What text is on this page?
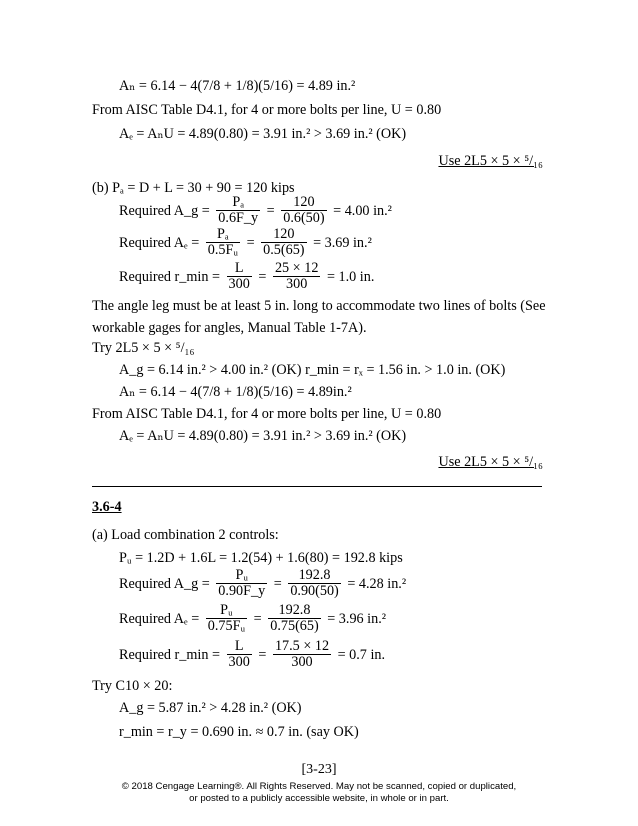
Aₙ = 6.14 − 4(7/8 + 1/8)(5/16) = 4.89 in.²
From AISC Table D4.1, for 4 or more bolts per line, U = 0.80
Aₑ = AₙU = 4.89(0.80) = 3.91 in.² > 3.69 in.² (OK)
Use 2L5 × 5 × ⁵/₁₆
(b) Pₐ = D + L = 30 + 90 = 120 kips
Required A_g = $\frac{\text{Pₐ}}{0.6F\_y} = \frac{120}{0.6(50)} = 4.00$ in.²
Required $A_e = \frac{\text{Pₐ}}{\text{0.5Fᵤ}} = \frac{120}{0.5(65)} = 3.69$ in.²
Required r_min = $\frac{L}{300} = \frac{25 \times 12}{300} = 1.0$ in.
The angle leg must be at least 5 in. long to accommodate two lines of bolts (See
workable gages for angles, Manual Table 1-7A).
Try 2L5 × 5 × ⁵/₁₆
A_g = 6.14 in.² > 4.00 in.² (OK) r_min = rₓ = 1.56 in. > 1.0 in. (OK)
Aₙ = 6.14 − 4(7/8 + 1/8)(5/16) = 4.89in.²
From AISC Table D4.1, for 4 or more bolts per line, U = 0.80
Aₑ = AₙU = 4.89(0.80) = 3.91 in.² > 3.69 in.² (OK)
Use 2L5 × 5 × ⁵/₁₆
3.6-4
(a) Load combination 2 controls:
Pᵤ = 1.2D + 1.6L = 1.2(54) + 1.6(80) = 192.8 kips
Required A_g = $\frac{\text{Pᵤ}}{0.90F\_y} = \frac{192.8}{0.90(50)} = 4.28$ in.²
Required $A_e = \frac{\text{Pᵤ}}{\text{0.75Fᵤ}} = \frac{192.8}{0.75(65)} = 3.96$ in.²
Required r_min = $\frac{L}{300} = \frac{17.5 \times 12}{300} = 0.7$ in.
Try C10 × 20:
A_g = 5.87 in.² > 4.28 in.² (OK)
r_min = r_y = 0.690 in. ≈ 0.7 in. (say OK)
[3-23]
© 2018 Cengage Learning®. All Rights Reserved. May not be scanned, copied or duplicated,
or posted to a publicly accessible website, in whole or in part.
